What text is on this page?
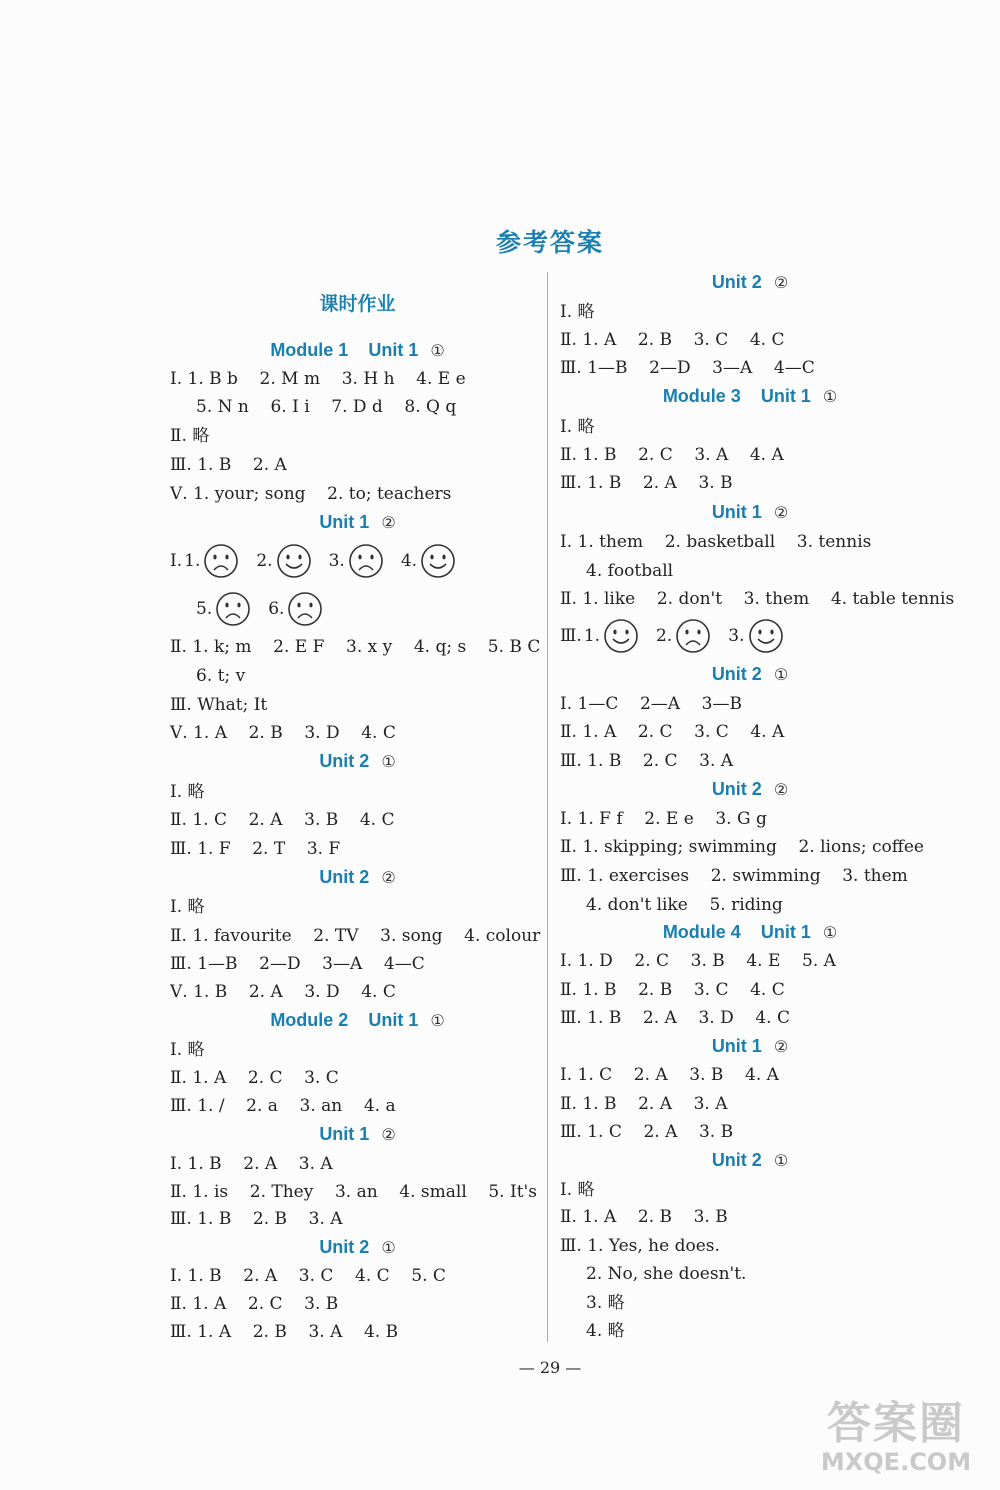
参考答案
课时作业
Module 1    Unit 1 ①
Ⅰ. 1. B b    2. M m    3. H h    4. E e
5. N n    6. I i    7. D d    8. Q q
Ⅱ. 略
Ⅲ. 1. B    2. A
Ⅴ. 1. your; song    2. to; teachers
Unit 1 ②
Ⅰ. 1.	2.	3.	4.
5.	6.
Ⅱ. 1. k; m    2. E F    3. x y    4. q; s    5. B C
6. t; v
Ⅲ. What; It
Ⅴ. 1. A    2. B    3. D    4. C
Unit 2 ①
Ⅰ. 略
Ⅱ. 1. C    2. A    3. B    4. C
Ⅲ. 1. F    2. T    3. F
Unit 2 ②
Ⅰ. 略
Ⅱ. 1. favourite    2. TV    3. song    4. colour
Ⅲ. 1—B    2—D    3—A    4—C
Ⅴ. 1. B    2. A    3. D    4. C
Module 2    Unit 1 ①
Ⅰ. 略
Ⅱ. 1. A    2. C    3. C
Ⅲ. 1. /    2. a    3. an    4. a
Unit 1 ②
Ⅰ. 1. B    2. A    3. A
Ⅱ. 1. is    2. They    3. an    4. small    5. It's
Ⅲ. 1. B    2. B    3. A
Unit 2 ①
Ⅰ. 1. B    2. A    3. C    4. C    5. C
Ⅱ. 1. A    2. C    3. B
Ⅲ. 1. A    2. B    3. A    4. B
Unit 2 ②
Ⅰ. 略
Ⅱ. 1. A    2. B    3. C    4. C
Ⅲ. 1—B    2—D    3—A    4—C
Module 3    Unit 1 ①
Ⅰ. 略
Ⅱ. 1. B    2. C    3. A    4. A
Ⅲ. 1. B    2. A    3. B
Unit 1 ②
Ⅰ. 1. them    2. basketball    3. tennis
4. football
Ⅱ. 1. like    2. don't    3. them    4. table tennis
Ⅲ. 1.	2.	3.
Unit 2 ①
Ⅰ. 1—C    2—A    3—B
Ⅱ. 1. A    2. C    3. C    4. A
Ⅲ. 1. B    2. C    3. A
Unit 2 ②
Ⅰ. 1. F f    2. E e    3. G g
Ⅱ. 1. skipping; swimming    2. lions; coffee
Ⅲ. 1. exercises    2. swimming    3. them
4. don't like    5. riding
Module 4    Unit 1 ①
Ⅰ. 1. D    2. C    3. B    4. E    5. A
Ⅱ. 1. B    2. B    3. C    4. C
Ⅲ. 1. B    2. A    3. D    4. C
Unit 1 ②
Ⅰ. 1. C    2. A    3. B    4. A
Ⅱ. 1. B    2. A    3. A
Ⅲ. 1. C    2. A    3. B
Unit 2 ①
Ⅰ. 略
Ⅱ. 1. A    2. B    3. B
Ⅲ. 1. Yes, he does.
2. No, she doesn't.
3. 略
4. 略
— 29 —
答案圈
MXQE.COM
